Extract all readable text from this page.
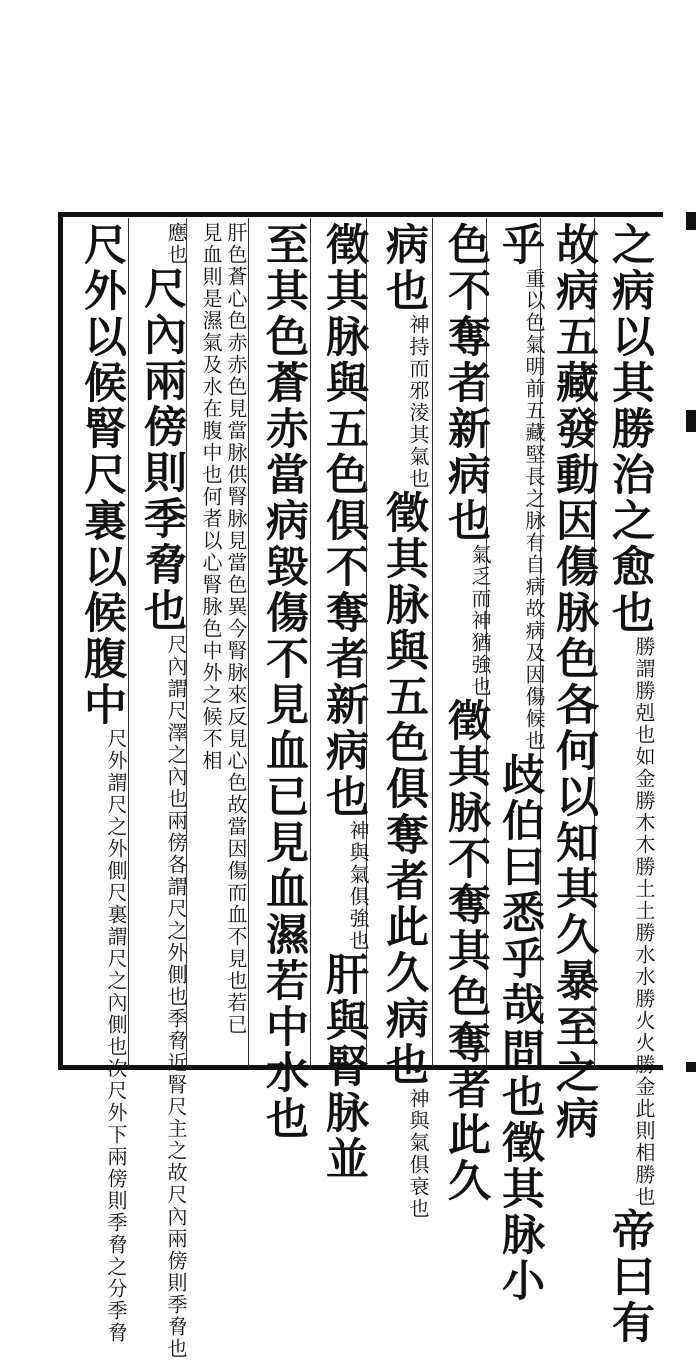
之病以其勝治之愈也勝謂勝剋也如金勝木木勝土土勝水水勝火火勝金此則相勝也帝曰有
故病五藏發動因傷脉色各何以知其久暴至之病
乎重以色氣明前五藏堅長之脉有自病故病及因傷候也歧伯曰悉乎哉問也徵其脉小
色不奪者新病也氣乏而神猶強也徵其脉不奪其色奪者此久
病也神持而邪淩其氣也徵其脉與五色俱奪者此久病也神與氣俱衰也
徵其脉與五色俱不奪者新病也神與氣俱強也肝與腎脉並
至其色蒼赤當病毀傷不見血已見血濕若中水也
肝色蒼心色赤赤色見當脉供腎脉見當色異今腎脉來反見心色故當因傷而血不見也若已見血則是濕氣及水在腹中也何者以心腎脉色中外之候不相
應也尺內兩傍則季脅也尺內謂尺澤之內也兩傍各謂尺之外側也季脅近腎尺主之故尺內兩傍則季脅也
尺外以候腎尺裏以候腹中尺外謂尺之外側尺裏謂尺之內側也次尺外下兩傍則季脅之分季脅
